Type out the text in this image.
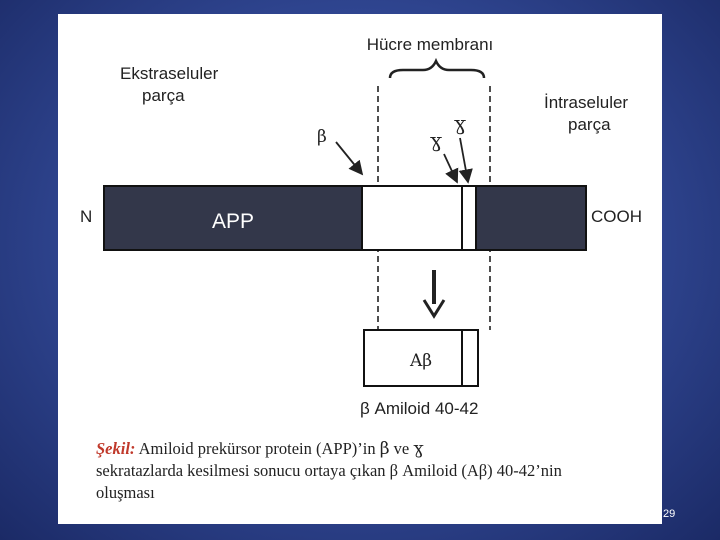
Hücre membranı
Ekstraseluler parça	İntraseluler parça
β	ɣ
ɣ
N	COOH
APP
Aβ
β Amiloid 40-42
Şekil: Amiloid prekürsor protein (APP)’in β ve ɣ
sekratazlarda kesilmesi sonucu ortaya çıkan β Amiloid (Aβ) 40-42’nin
oluşması
29
